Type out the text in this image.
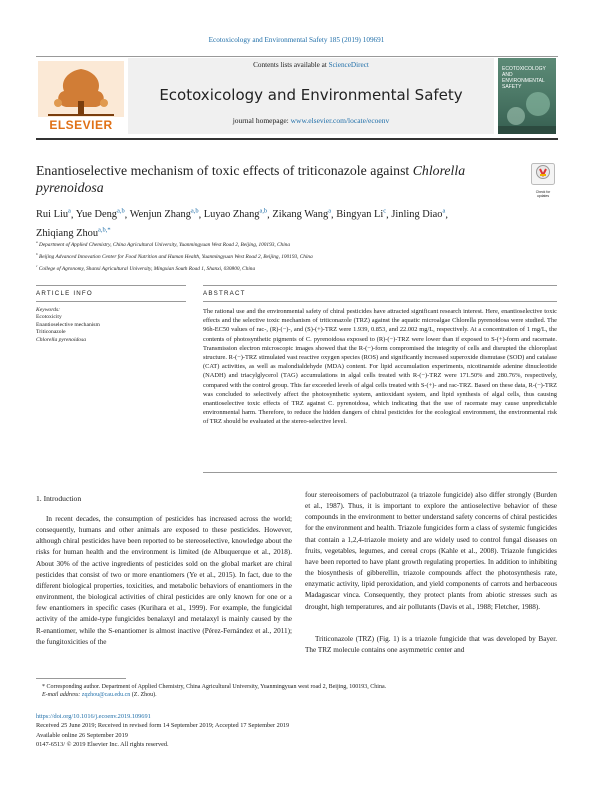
Ecotoxicology and Environmental Safety 185 (2019) 109691
ELSEVIER
Contents lists available at ScienceDirect
Ecotoxicology and Environmental Safety
journal homepage: www.elsevier.com/locate/ecoenv
ECOTOXICOLOGY AND ENVIRONMENTAL SAFETY
Enantioselective mechanism of toxic effects of triticonazole against Chlorella pyrenoidosa	Check for updates
Rui Liu$^a$, Yue Deng$^{a,b}$, Wenjun Zhang$^{a,b}$, Luyao Zhang$^{a,b}$, Zikang Wang$^a$, Bingyan Li$^c$, Jinling Diao$^a$, Zhiqiang Zhou$^{a,b,*}$
$^a$ Department of Applied Chemistry, China Agricultural University, Yuanmingyuan West Road 2, Beijing, 100193, China
$^b$ Beijing Advanced Innovation Center for Food Nutrition and Human Health, Yuanmingyuan West Road 2, Beijing, 100193, China
$^c$ College of Agronomy, Shanxi Agricultural University, Mingxian South Road 1, Shanxi, 030800, China
ARTICLE INFO	ABSTRACT
Keywords:
Ecotoxicity
Enantioselective mechanism
Triticonazole
Chlorella pyrenoidosa
The rational use and the environmental safety of chiral pesticides have attracted significant research interest. Here, enantioselective toxic effects and the selective toxic mechanism of triticonazole (TRZ) against the aquatic microalgae Chlorella pyrenoidosa were studied. The 96h-EC50 values of rac-, (R)-(−)-, and (S)-(+)-TRZ were 1.939, 0.853, and 22.002 mg/L, respectively. At a concentration of 1 mg/L, the contents of photosynthetic pigments of C. pyrenoidosa exposed to (R)-(−)-TRZ were lower than if exposed to S-(+)-form and racemate. Transmission electron microscopic images showed that the R-(−)-form compromised the integrity of cells and disrupted the chloroplast structure. R-(−)-TRZ stimulated vast reactive oxygen species (ROS) and significantly increased superoxide dismutase (SOD) and catalase (CAT) activities, as well as malondialdehyde (MDA) content. For lipid accumulation experiments, nicotinamide adenine dinucleotide (NADH) and triacylglycerol (TAG) accumulations in algal cells treated with R-(−)-TRZ were 171.50% and 280.76%, respectively, compared with the control group. This far exceeded levels of algal cells treated with S-(+)- and rac-TRZ. Based on these data, R-(−)-TRZ was concluded to selectively affect the photosynthetic system, antioxidant system, and lipid synthesis of algal cells, thus causing enantioselective toxic effects of TRZ against C. pyrenoidosa, which indicating that the use of racemate may cause unpredictable environmental harm. Therefore, to reduce the hidden dangers of chiral pesticides for the ecological environment, the environmental risk of TRZ should be evaluated at the stereo-selective level.
1. Introduction
In recent decades, the consumption of pesticides has increased across the world; consequently, humans and other animals are exposed to these pesticides. However, although chiral pesticides have been reported to be stereoselective, knowledge about the risks for human health and the environment is limited (de Albuquerque et al., 2018). About 30% of the active ingredients of pesticides sold on the global market are chiral pesticides that consist of two or more enantiomers (Ye et al., 2015). In fact, due to the different biological properties, toxicities, and metabolic behaviors of enantiomers in the environment, the biological activities of chiral pesticides are only known for one or a few enantiomers in specific cases (Kurihara et al., 1999). For example, the fungicidal activity of the amide-type fungicides benalaxyl and metalaxyl is mainly caused by the R-enantiomer, while the S-enantiomer is almost inactive (Pérez-Fernández et al., 2011); the fungitoxicities of the
four stereoisomers of paclobutrazol (a triazole fungicide) also differ strongly (Burden et al., 1987). Thus, it is important to explore the antioselective behavior of these compounds in the environment to better understand safety concerns of chiral pesticides for the environment and health. Triazole fungicides form a class of systemic fungicides that contain a 1,2,4-triazole moiety and are widely used to control fungal diseases on fruits, vegetables, legumes, and cereal crops (Kahle et al., 2008). Triazole fungicides have been reported to have plant growth regulating properties. In addition to inhibiting the biosynthesis of gibberellin, triazole compounds affect the photosynthesis rate, enzymatic activity, lipid peroxidation, and yield components of carrots and herbaceous Madagascar vinca. Consequently, they protect plants from abiotic stresses such as drought, high temperatures, and air pollutants (Davis et al., 1988; Fletcher, 1988).
Triticonazole (TRZ) (Fig. 1) is a triazole fungicide that was developed by Bayer. The TRZ molecule contains one asymmetric center and
* Corresponding author. Department of Applied Chemistry, China Agricultural University, Yuanmingyuan west road 2, Beijing, 100193, China.
E-mail address: zqzhou@cau.edu.cn (Z. Zhou).
https://doi.org/10.1016/j.ecoenv.2019.109691
Received 25 June 2019; Received in revised form 14 September 2019; Accepted 17 September 2019
Available online 26 September 2019
0147-6513/ © 2019 Elsevier Inc. All rights reserved.
